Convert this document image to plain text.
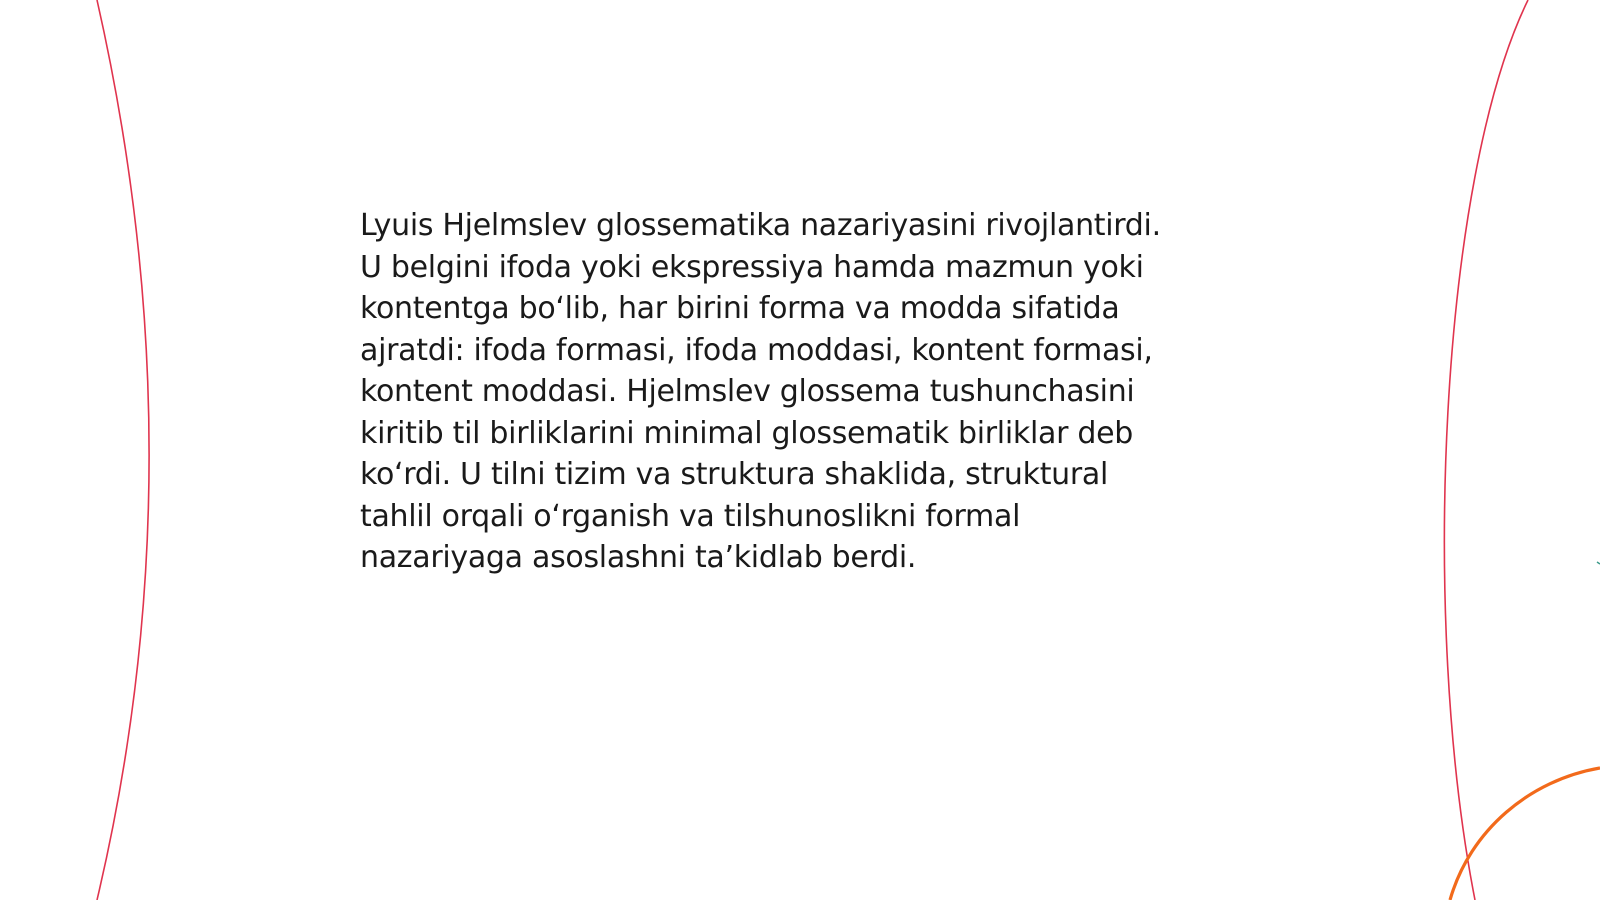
Lyuis Hjelmslev glossematika nazariyasini rivojlantirdi.
U belgini ifoda yoki ekspressiya hamda mazmun yoki
kontentga bo‘lib, har birini forma va modda sifatida
ajratdi: ifoda formasi, ifoda moddasi, kontent formasi,
kontent moddasi. Hjelmslev glossema tushunchasini
kiritib til birliklarini minimal glossematik birliklar deb
ko‘rdi. U tilni tizim va struktura shaklida, struktural
tahlil orqali o‘rganish va tilshunoslikni formal
nazariyaga asoslashni ta’kidlab berdi.
